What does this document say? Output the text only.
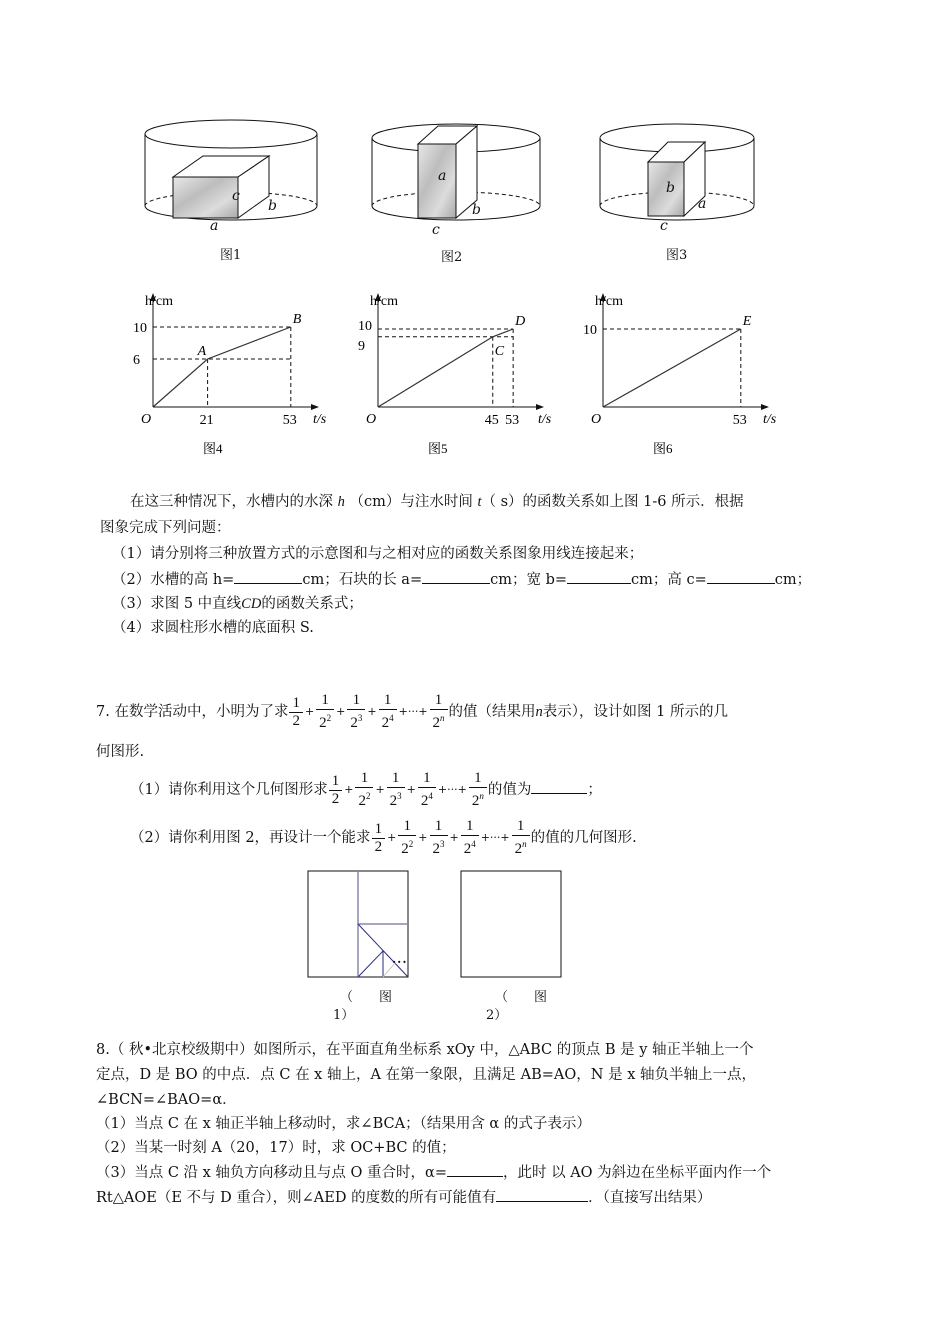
c
b
a
图1
a
b
c
图2
b
a
c
图3
h/cm
t/s
O
6
10
21	53
A
B
图4
h/cm
t/s
O
9
10
45 53
C
D
图5
h/cm
t/s
O
10
53
E
图6
在这三种情况下，水槽内的水深 h （cm）与注水时间 t（ s）的函数关系如上图 1-6 所示．根据
图象完成下列问题：
（1）请分别将三种放置方式的示意图和与之相对应的函数关系图象用线连接起来；
（2）水槽的高 h=	cm；石块的长 a=	cm；宽 b=	cm；高 c=	cm；
（3）求图 5 中直线CD的函数关系式；
（4）求圆柱形水槽的底面积 S.
7. 在数学活动中，小明为了求 $\frac{1}{2} + \frac{1}{2^2} + \frac{1}{2^3} + \frac{1}{2^4}$ +···+ $\frac{1}{2^n}$ 的值（结果用n表示），设计如图 1 所示的几
何图形.
（1）请你利用这个几何图形求 $\frac{1}{2} + \frac{1}{2^2} + \frac{1}{2^3} + \frac{1}{2^4}$ +···+ $\frac{1}{2^n}$ 的值为	；
（2）请你利用图 2，再设计一个能求 $\frac{1}{2} + \frac{1}{2^2} + \frac{1}{2^3} + \frac{1}{2^4}$ +···+ $\frac{1}{2^n}$ 的值的几何图形.
···
（　　图
1）
（　　图
2）
8.（ 秋•北京校级期中）如图所示，在平面直角坐标系 xOy 中，△ABC 的顶点 B 是 y 轴正半轴上一个
定点，D 是 BO 的中点．点 C 在 x 轴上，A 在第一象限，且满足 AB=AO，N 是 x 轴负半轴上一点，
∠BCN=∠BAO=α．
（1）当点 C 在 x 轴正半轴上移动时，求∠BCA；（结果用含 α 的式子表示）
（2）当某一时刻 A（20，17）时，求 OC+BC 的值；
（3）当点 C 沿 x 轴负方向移动且与点 O 重合时，α=	，此时 以 AO 为斜边在坐标平面内作一个
Rt△AOE（E 不与 D 重合），则∠AED 的度数的所有可能值有	．（直接写出结果）
